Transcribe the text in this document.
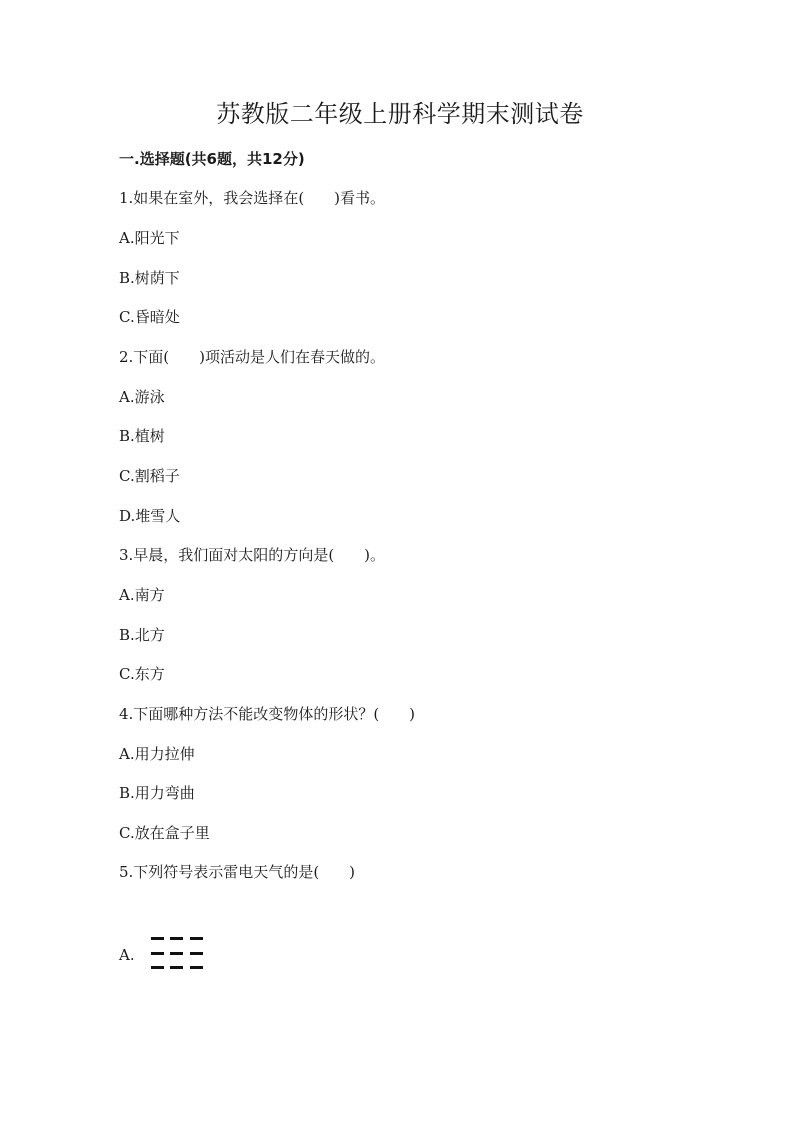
苏教版二年级上册科学期末测试卷
一.选择题(共6题，共12分)
1.如果在室外，我会选择在(　　)看书。
A.阳光下
B.树荫下
C.昏暗处
2.下面(　　)项活动是人们在春天做的。
A.游泳
B.植树
C.割稻子
D.堆雪人
3.早晨，我们面对太阳的方向是(　　)。
A.南方
B.北方
C.东方
4.下面哪种方法不能改变物体的形状？(　　)
A.用力拉伸
B.用力弯曲
C.放在盒子里
5.下列符号表示雷电天气的是(　　)
A.
